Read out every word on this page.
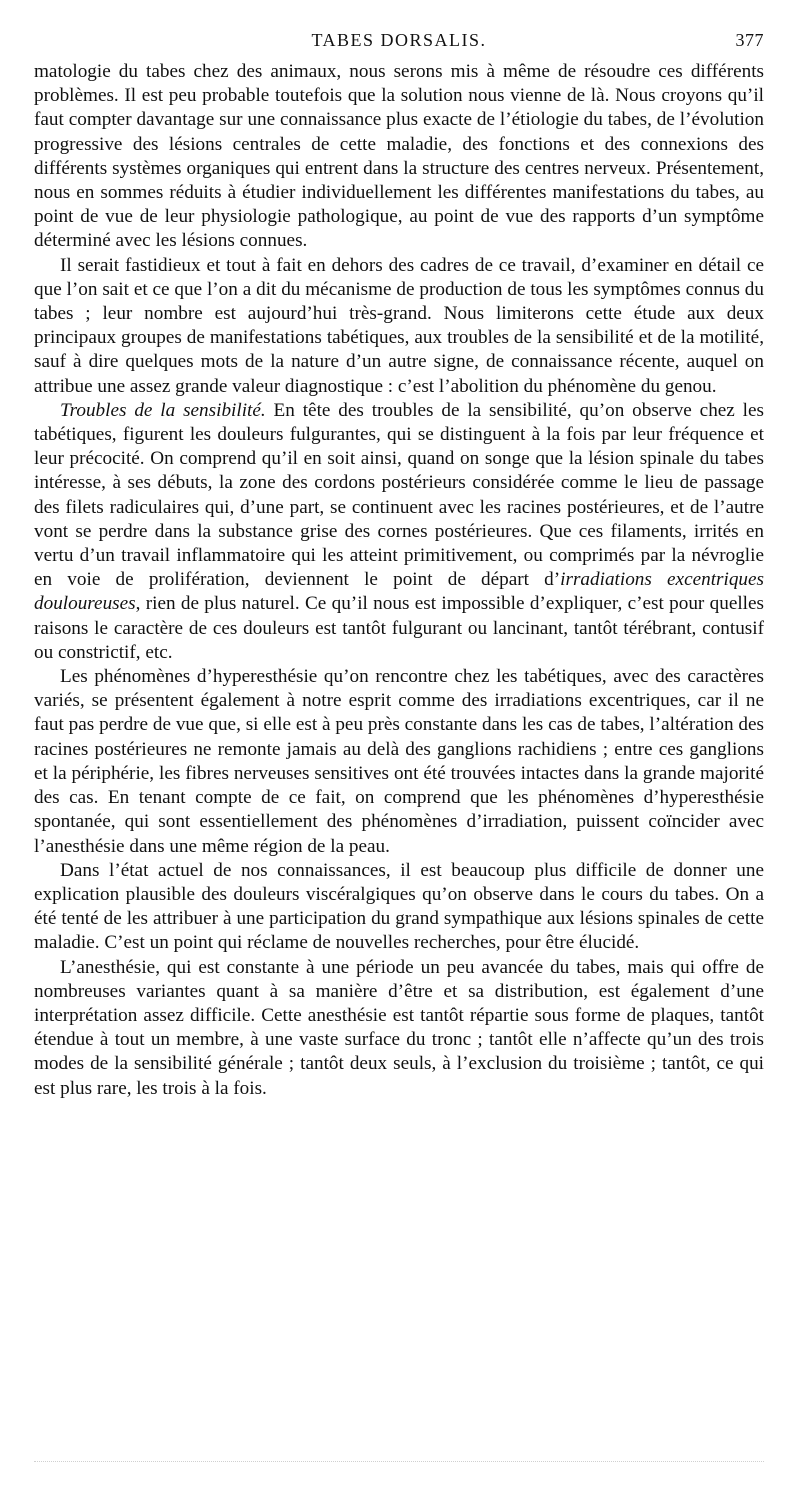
TABES DORSALIS.	377

matologie du tabes chez des animaux, nous serons mis à même de résoudre ces différents problèmes. Il est peu probable toutefois que la solution nous vienne de là. Nous croyons qu’il faut compter davantage sur une connaissance plus exacte de l’étiologie du tabes, de l’évolution progressive des lésions centrales de cette maladie, des fonctions et des connexions des différents systèmes organiques qui entrent dans la structure des centres nerveux. Présentement, nous en sommes réduits à étudier individuellement les différentes manifestations du tabes, au point de vue de leur physiologie pathologique, au point de vue des rapports d’un symptôme déterminé avec les lésions connues.

Il serait fastidieux et tout à fait en dehors des cadres de ce travail, d’examiner en détail ce que l’on sait et ce que l’on a dit du mécanisme de production de tous les symptômes connus du tabes ; leur nombre est aujourd’hui très-grand. Nous limiterons cette étude aux deux principaux groupes de manifestations tabétiques, aux troubles de la sensibilité et de la motilité, sauf à dire quelques mots de la nature d’un autre signe, de connaissance récente, auquel on attribue une assez grande valeur diagnostique : c’est l’abolition du phénomène du genou.

Troubles de la sensibilité. En tête des troubles de la sensibilité, qu’on observe chez les tabétiques, figurent les douleurs fulgurantes, qui se distinguent à la fois par leur fréquence et leur précocité. On comprend qu’il en soit ainsi, quand on songe que la lésion spinale du tabes intéresse, à ses débuts, la zone des cordons postérieurs considérée comme le lieu de passage des filets radiculaires qui, d’une part, se continuent avec les racines postérieures, et de l’autre vont se perdre dans la substance grise des cornes postérieures. Que ces filaments, irrités en vertu d’un travail inflammatoire qui les atteint primitivement, ou comprimés par la névroglie en voie de prolifération, deviennent le point de départ d’irradiations excentriques douloureuses, rien de plus naturel. Ce qu’il nous est impossible d’expliquer, c’est pour quelles raisons le caractère de ces douleurs est tantôt fulgurant ou lancinant, tantôt térébrant, contusif ou constrictif, etc.

Les phénomènes d’hyperesthésie qu’on rencontre chez les tabétiques, avec des caractères variés, se présentent également à notre esprit comme des irradiations excentriques, car il ne faut pas perdre de vue que, si elle est à peu près constante dans les cas de tabes, l’altération des racines postérieures ne remonte jamais au delà des ganglions rachidiens ; entre ces ganglions et la périphérie, les fibres nerveuses sensitives ont été trouvées intactes dans la grande majorité des cas. En tenant compte de ce fait, on comprend que les phénomènes d’hyperesthésie spontanée, qui sont essentiellement des phénomènes d’irradiation, puissent coïncider avec l’anesthésie dans une même région de la peau.

Dans l’état actuel de nos connaissances, il est beaucoup plus difficile de donner une explication plausible des douleurs viscéralgiques qu’on observe dans le cours du tabes. On a été tenté de les attribuer à une participation du grand sympathique aux lésions spinales de cette maladie. C’est un point qui réclame de nouvelles recherches, pour être élucidé.

L’anesthésie, qui est constante à une période un peu avancée du tabes, mais qui offre de nombreuses variantes quant à sa manière d’être et sa distribution, est également d’une interprétation assez difficile. Cette anesthésie est tantôt répartie sous forme de plaques, tantôt étendue à tout un membre, à une vaste surface du tronc ; tantôt elle n’affecte qu’un des trois modes de la sensibilité générale ; tantôt deux seuls, à l’exclusion du troisième ; tantôt, ce qui est plus rare, les trois à la fois.
